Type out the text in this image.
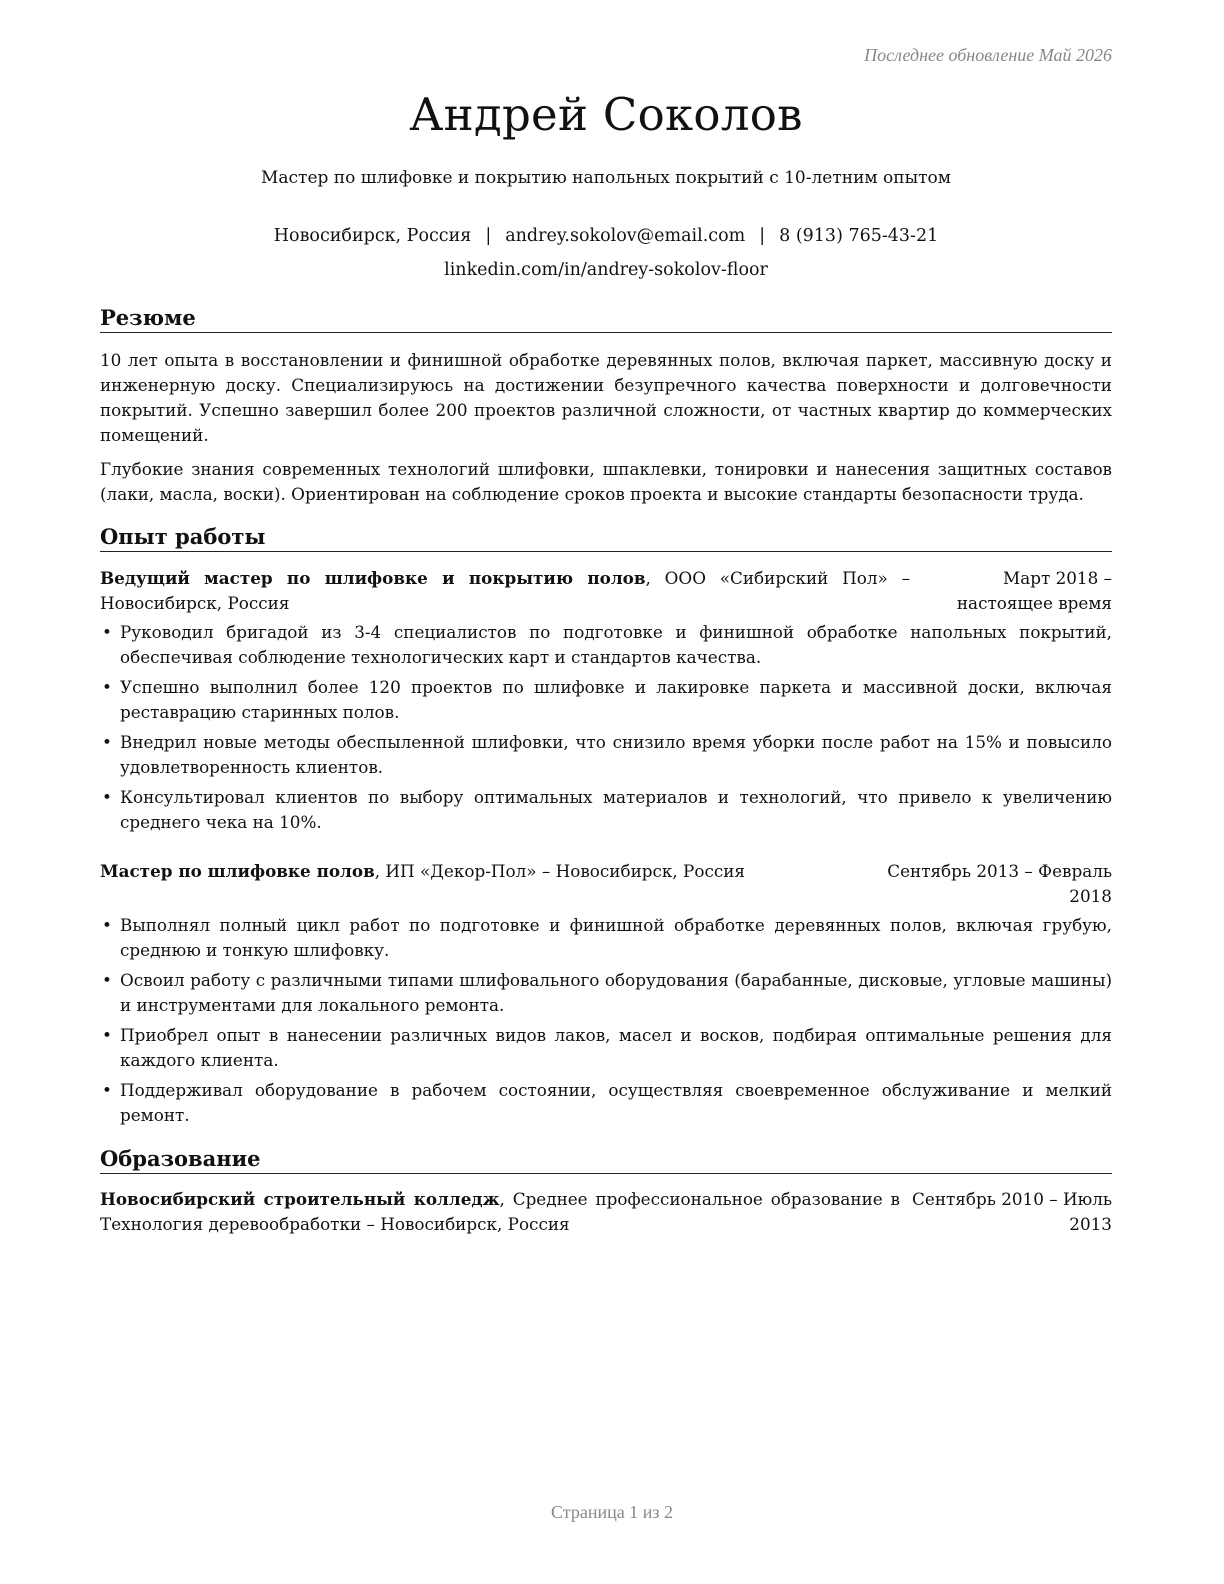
Последнее обновление Май 2026
Андрей Соколов
Мастер по шлифовке и покрытию напольных покрытий с 10-летним опытом
Новосибирск, Россия | andrey.sokolov@email.com | 8 (913) 765-43-21
linkedin.com/in/andrey-sokolov-floor
Резюме

10 лет опыта в восстановлении и финишной обработке деревянных полов, включая паркет, массивную доску и инженерную доску. Специализируюсь на достижении безупречного качества поверхности и долговечности покрытий. Успешно завершил более 200 проектов различной сложности, от частных квартир до коммерческих помещений.

Глубокие знания современных технологий шлифовки, шпаклевки, тонировки и нанесения защитных составов (лаки, масла, воски). Ориентирован на соблюдение сроков проекта и высокие стандарты безопасности труда.

Опыт работы
Ведущий мастер по шлифовке и покрытию полов, ООО «Сибирский Пол» – Новосибирск, Россия
Март 2018 – настоящее время
• Руководил бригадой из 3-4 специалистов по подготовке и финишной обработке напольных покрытий, обеспечивая соблюдение технологических карт и стандартов качества.
• Успешно выполнил более 120 проектов по шлифовке и лакировке паркета и массивной доски, включая реставрацию старинных полов.
• Внедрил новые методы обеспыленной шлифовки, что снизило время уборки после работ на 15% и повысило удовлетворенность клиентов.
• Консультировал клиентов по выбору оптимальных материалов и технологий, что привело к увеличению среднего чека на 10%.
Мастер по шлифовке полов, ИП «Декор-Пол» – Новосибирск, Россия	Сентябрь 2013 – Февраль 2018
• Выполнял полный цикл работ по подготовке и финишной обработке деревянных полов, включая грубую, среднюю и тонкую шлифовку.
• Освоил работу с различными типами шлифовального оборудования (барабанные, дисковые, угловые машины) и инструментами для локального ремонта.
• Приобрел опыт в нанесении различных видов лаков, масел и восков, подбирая оптимальные решения для каждого клиента.
• Поддерживал оборудование в рабочем состоянии, осуществляя своевременное обслуживание и мелкий ремонт.
Образование
Новосибирский строительный колледж, Среднее профессиональное образование в Технология деревообработки – Новосибирск, Россия
Сентябрь 2010 – Июль 2013
Страница 1 из 2
